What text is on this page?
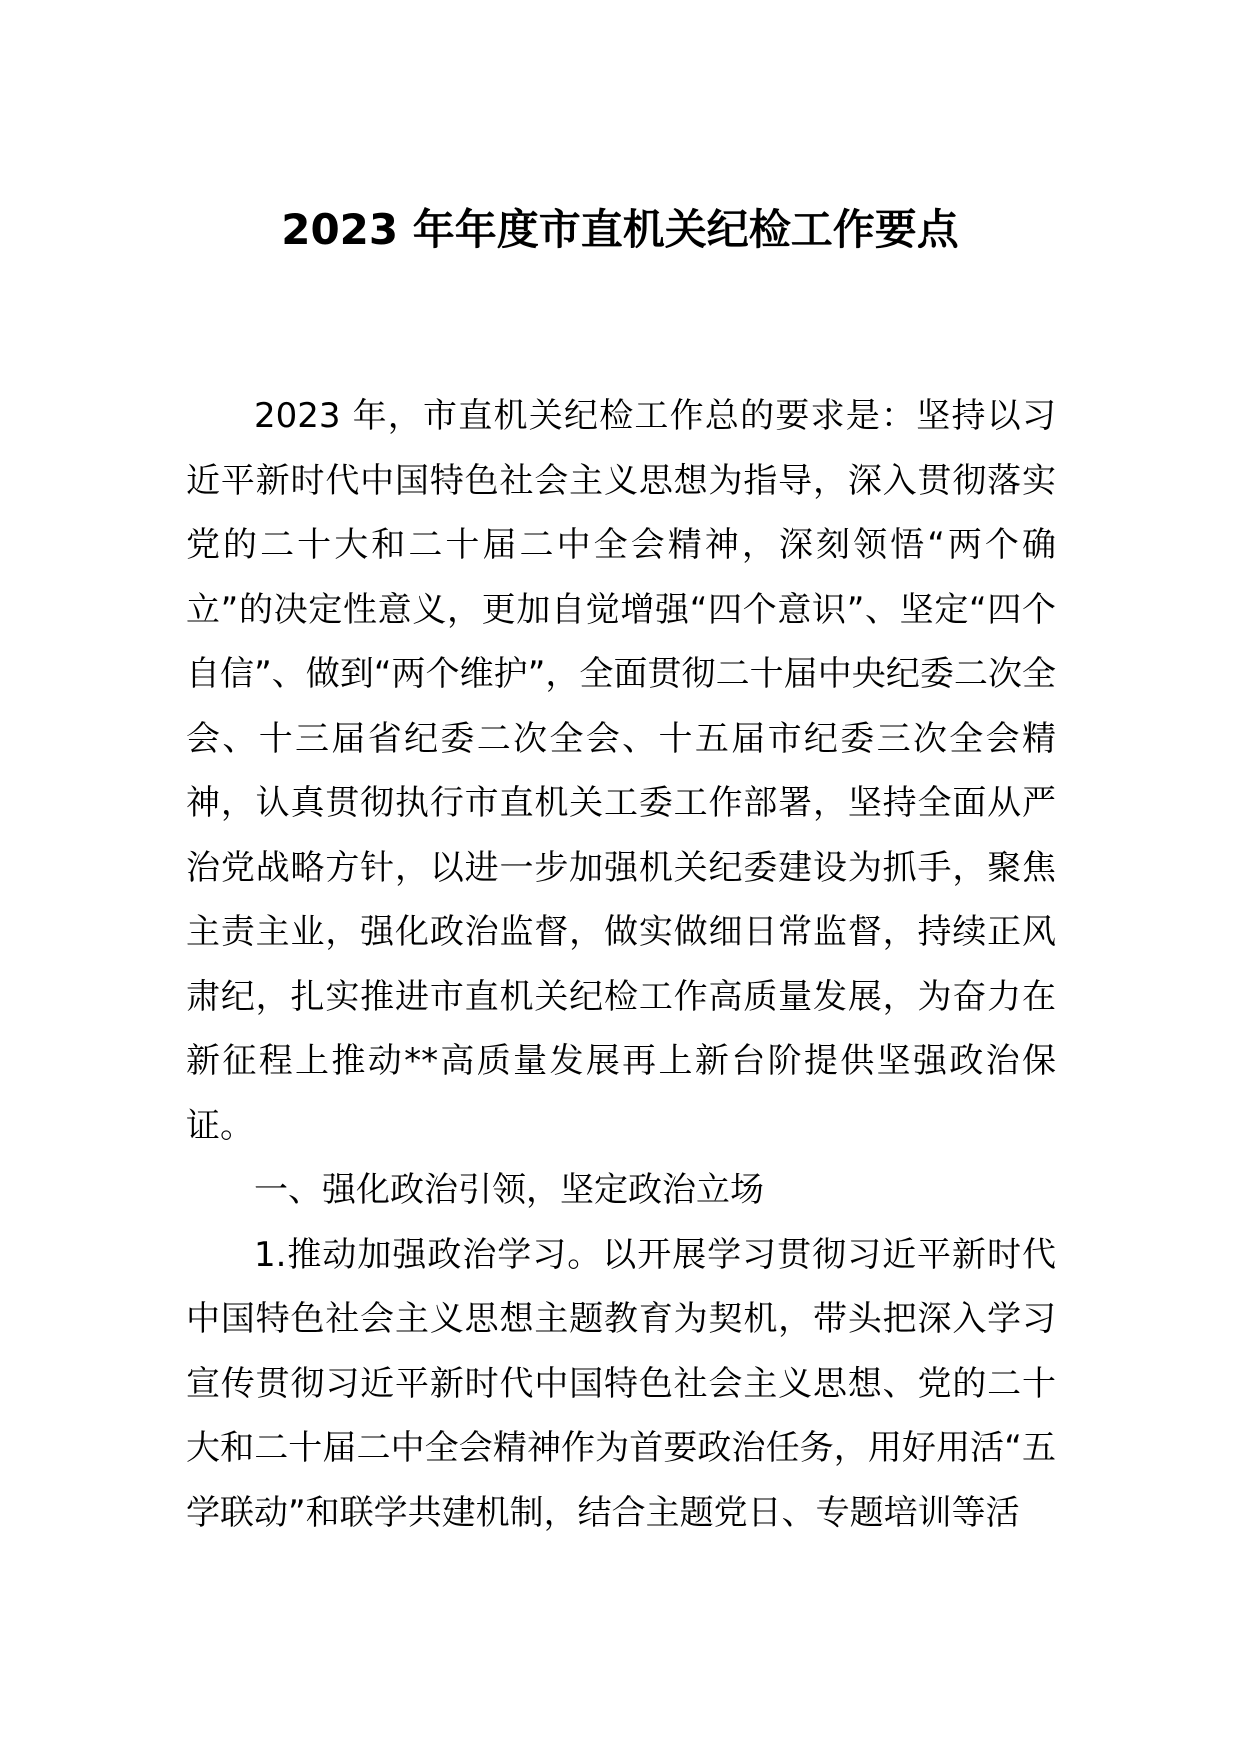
2023 年年度市直机关纪检工作要点

2023 年，市直机关纪检工作总的要求是：坚持以习近平新时代中国特色社会主义思想为指导，深入贯彻落实党的二十大和二十届二中全会精神，深刻领悟“两个确立”的决定性意义，更加自觉增强“四个意识”、坚定“四个自信”、做到“两个维护”，全面贯彻二十届中央纪委二次全会、十三届省纪委二次全会、十五届市纪委三次全会精神，认真贯彻执行市直机关工委工作部署，坚持全面从严治党战略方针，以进一步加强机关纪委建设为抓手，聚焦主责主业，强化政治监督，做实做细日常监督，持续正风肃纪，扎实推进市直机关纪检工作高质量发展，为奋力在新征程上推动**高质量发展再上新台阶提供坚强政治保证。

一、强化政治引领，坚定政治立场

1.推动加强政治学习。以开展学习贯彻习近平新时代中国特色社会主义思想主题教育为契机，带头把深入学习宣传贯彻习近平新时代中国特色社会主义思想、党的二十大和二十届二中全会精神作为首要政治任务，用好用活“五学联动”和联学共建机制，结合主题党日、专题培训等活
